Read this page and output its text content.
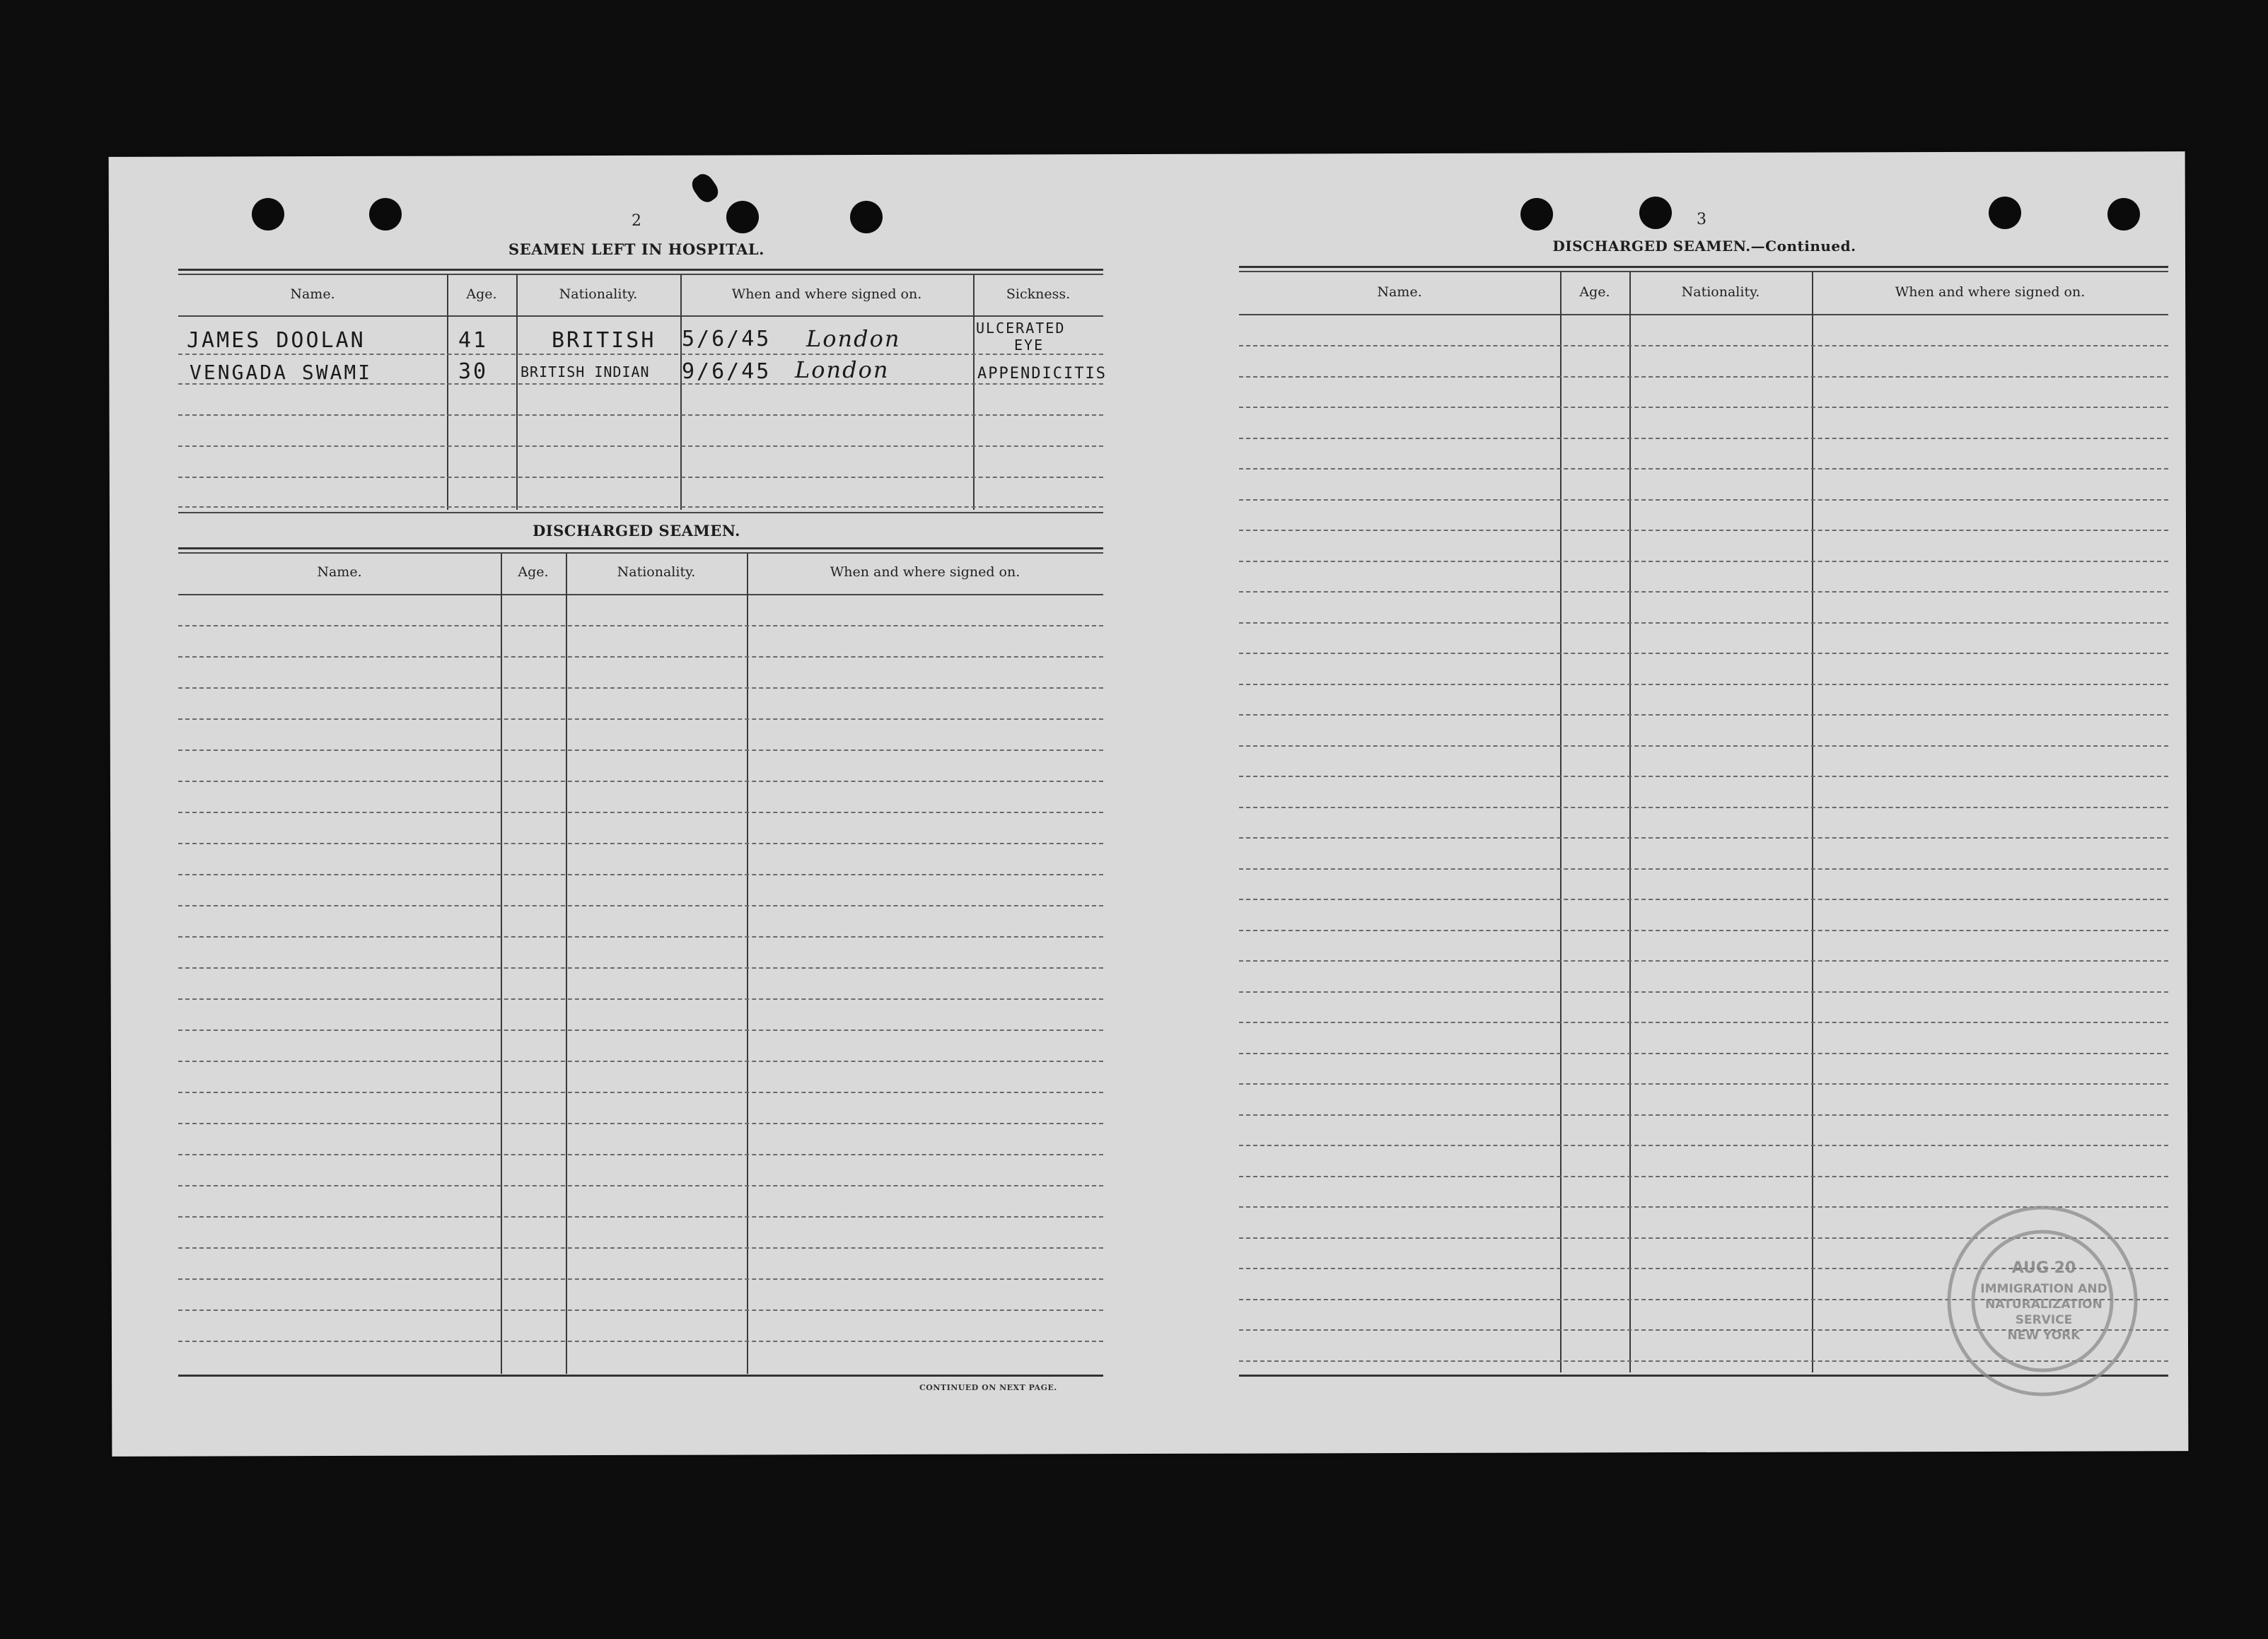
2
SEAMEN LEFT IN HOSPITAL.
Name.	Age.	Nationality.	When and where signed on.	Sickness.
JAMES DOOLAN	41	BRITISH 5/6/45 London	ULCERATED
EYE
VENGADA SWAMI	30 BRITISH INDIAN 9/6/45 London	APPENDICITIS
DISCHARGED SEAMEN.
Name.	Age.	Nationality.	When and where signed on.
CONTINUED ON NEXT PAGE.
3
DISCHARGED SEAMEN.—Continued.
Name.	Age.	Nationality.	When and where signed on.
AUG 20
IMMIGRATION AND
NATURALIZATION
SERVICE
NEW YORK
